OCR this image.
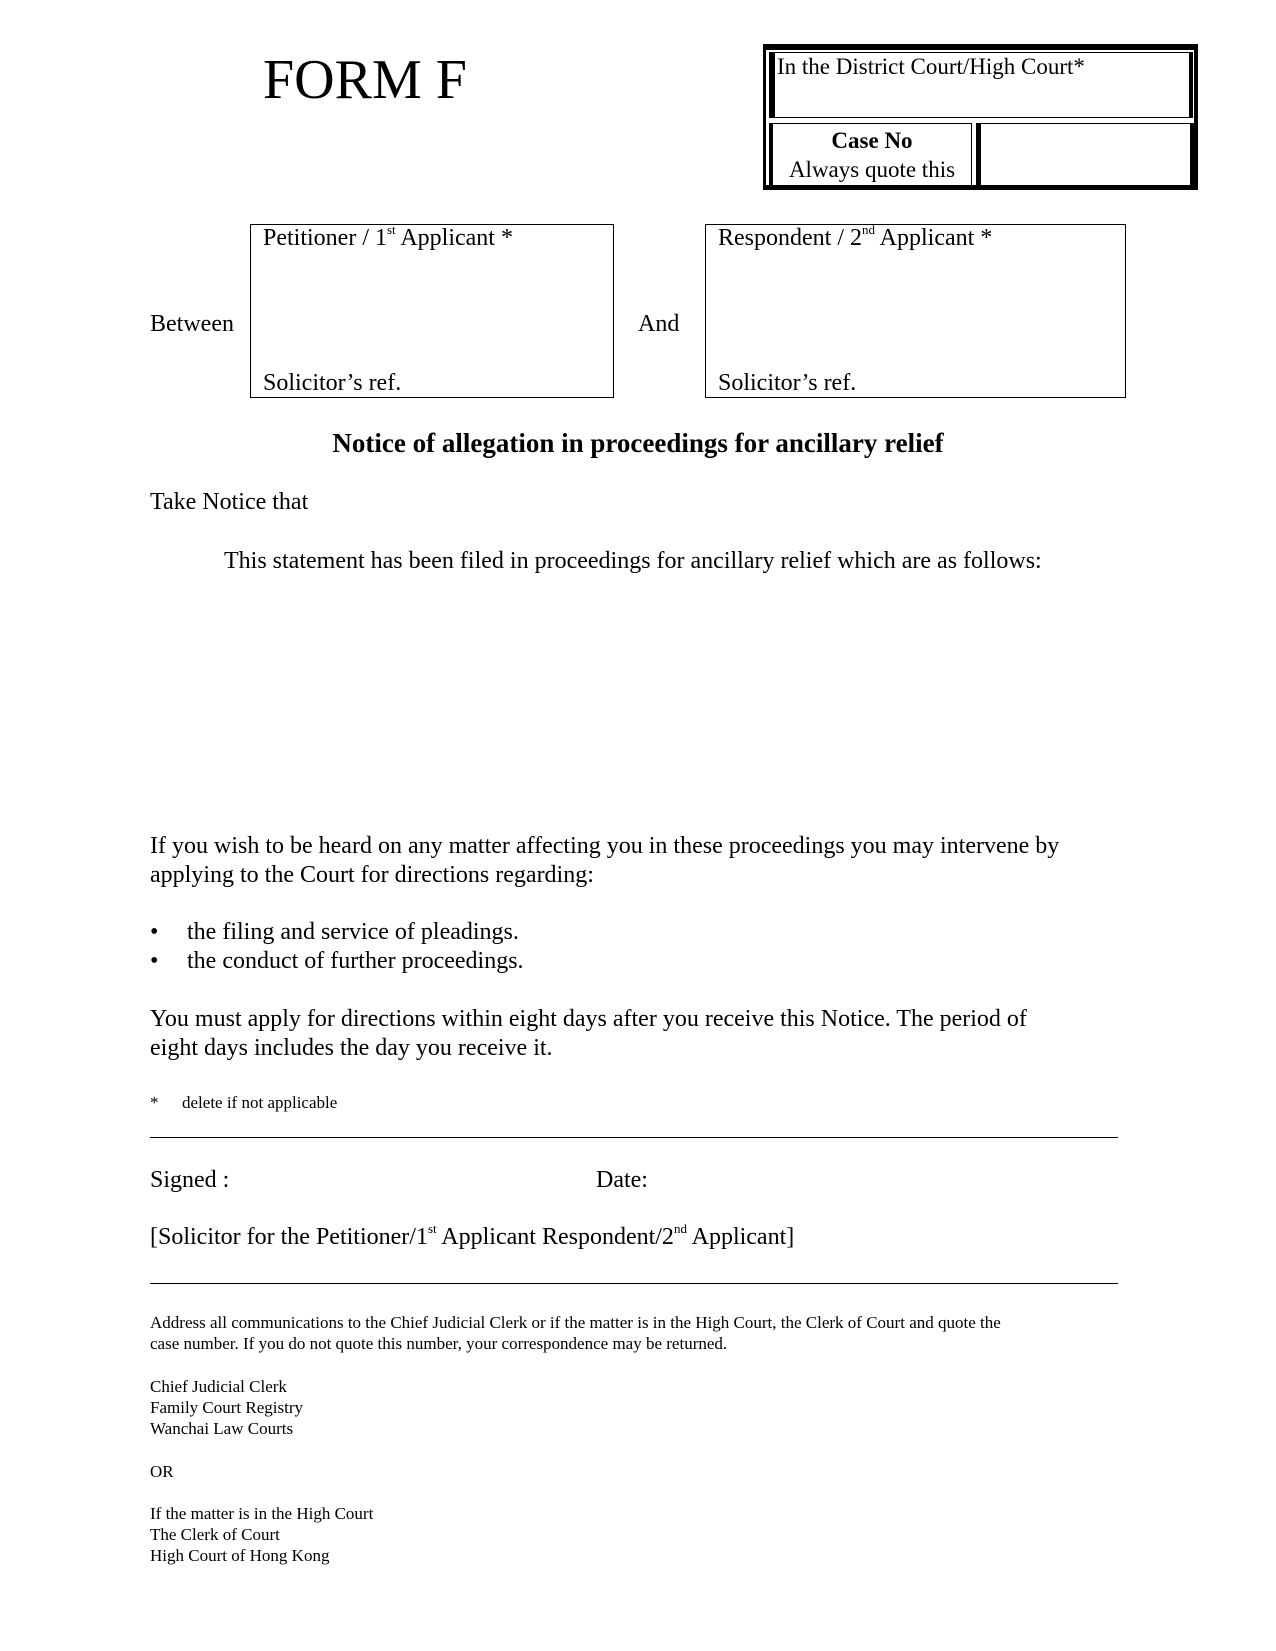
FORM F	In the District Court/High Court*
Case No
Always quote this
Between
Petitioner / 1st Applicant *
Solicitor’s ref.
And
Respondent / 2nd Applicant *
Solicitor’s ref.
Notice of allegation in proceedings for ancillary relief
Take Notice that
This statement has been filed in proceedings for ancillary relief which are as follows:
If you wish to be heard on any matter affecting you in these proceedings you may intervene by
applying to the Court for directions regarding:
• the filing and service of pleadings.
• the conduct of further proceedings.
You must apply for directions within eight days after you receive this Notice. The period of
eight days includes the day you receive it.
* delete if not applicable
Signed :	Date:
[Solicitor for the Petitioner/1st Applicant Respondent/2nd Applicant]
Address all communications to the Chief Judicial Clerk or if the matter is in the High Court, the Clerk of Court and quote the
case number. If you do not quote this number, your correspondence may be returned.
Chief Judicial Clerk
Family Court Registry
Wanchai Law Courts
OR
If the matter is in the High Court
The Clerk of Court
High Court of Hong Kong
